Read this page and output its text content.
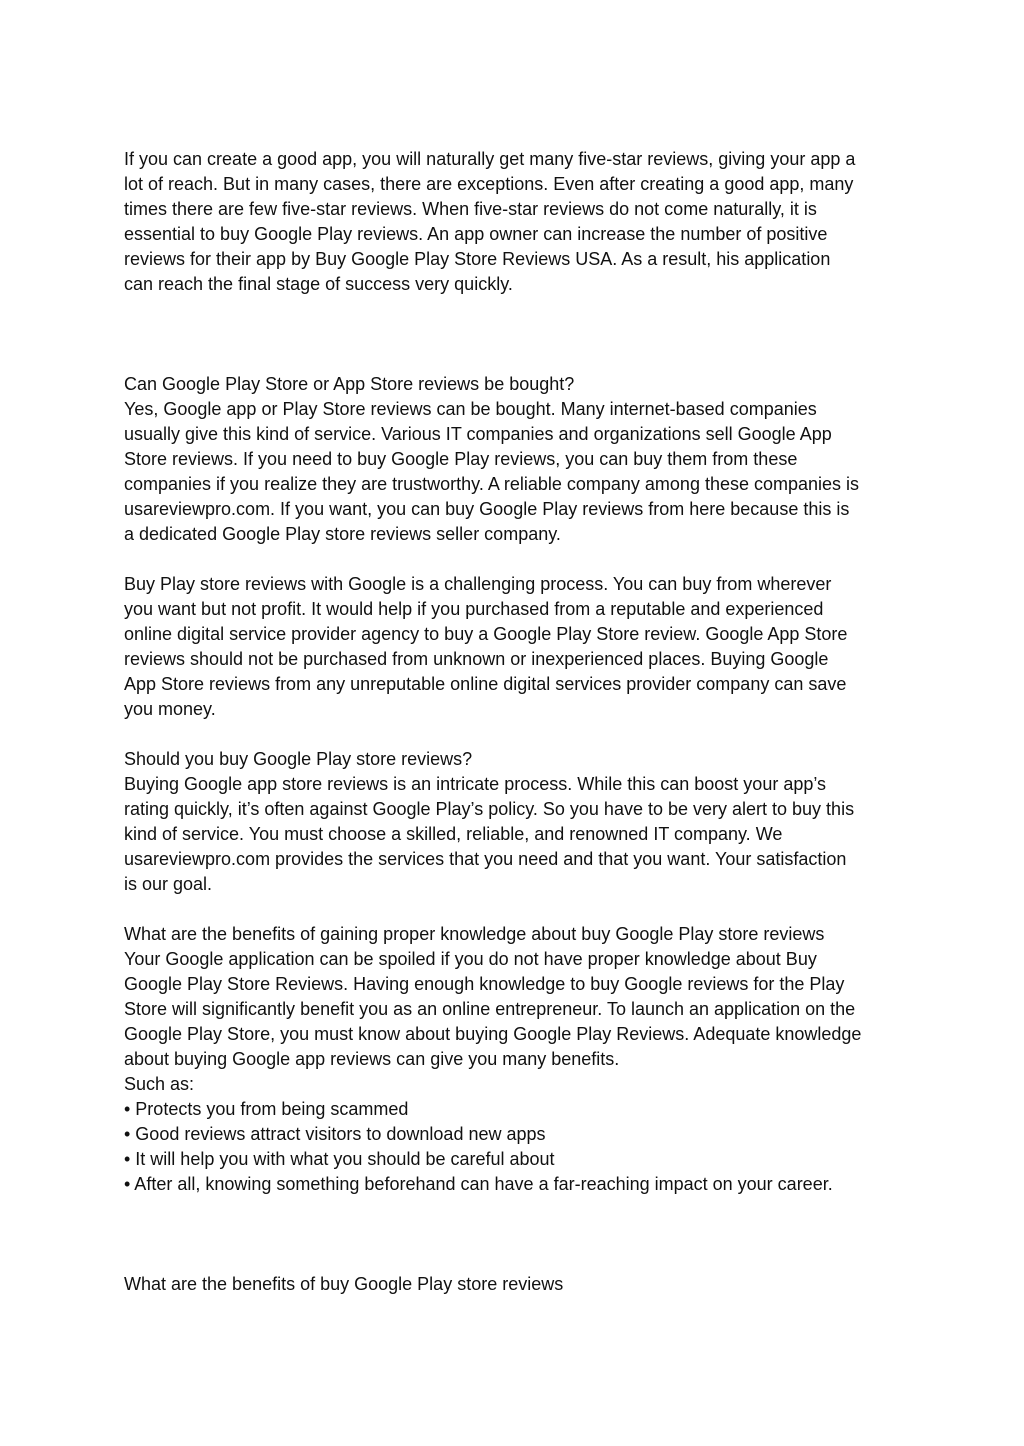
If you can create a good app, you will naturally get many five-star reviews, giving your app a
lot of reach. But in many cases, there are exceptions. Even after creating a good app, many
times there are few five-star reviews. When five-star reviews do not come naturally, it is
essential to buy Google Play reviews. An app owner can increase the number of positive
reviews for their app by Buy Google Play Store Reviews USA. As a result, his application
can reach the final stage of success very quickly.

Can Google Play Store or App Store reviews be bought?
Yes, Google app or Play Store reviews can be bought. Many internet-based companies
usually give this kind of service. Various IT companies and organizations sell Google App
Store reviews. If you need to buy Google Play reviews, you can buy them from these
companies if you realize they are trustworthy. A reliable company among these companies is
usareviewpro.com. If you want, you can buy Google Play reviews from here because this is
a dedicated Google Play store reviews seller company.

Buy Play store reviews with Google is a challenging process. You can buy from wherever
you want but not profit. It would help if you purchased from a reputable and experienced
online digital service provider agency to buy a Google Play Store review. Google App Store
reviews should not be purchased from unknown or inexperienced places. Buying Google
App Store reviews from any unreputable online digital services provider company can save
you money.

Should you buy Google Play store reviews?
Buying Google app store reviews is an intricate process. While this can boost your app’s
rating quickly, it’s often against Google Play’s policy. So you have to be very alert to buy this
kind of service. You must choose a skilled, reliable, and renowned IT company. We
usareviewpro.com provides the services that you need and that you want. Your satisfaction
is our goal.

What are the benefits of gaining proper knowledge about buy Google Play store reviews
Your Google application can be spoiled if you do not have proper knowledge about Buy
Google Play Store Reviews. Having enough knowledge to buy Google reviews for the Play
Store will significantly benefit you as an online entrepreneur. To launch an application on the
Google Play Store, you must know about buying Google Play Reviews. Adequate knowledge
about buying Google app reviews can give you many benefits.
Such as:
• Protects you from being scammed
• Good reviews attract visitors to download new apps
• It will help you with what you should be careful about
• After all, knowing something beforehand can have a far-reaching impact on your career.

What are the benefits of buy Google Play store reviews
